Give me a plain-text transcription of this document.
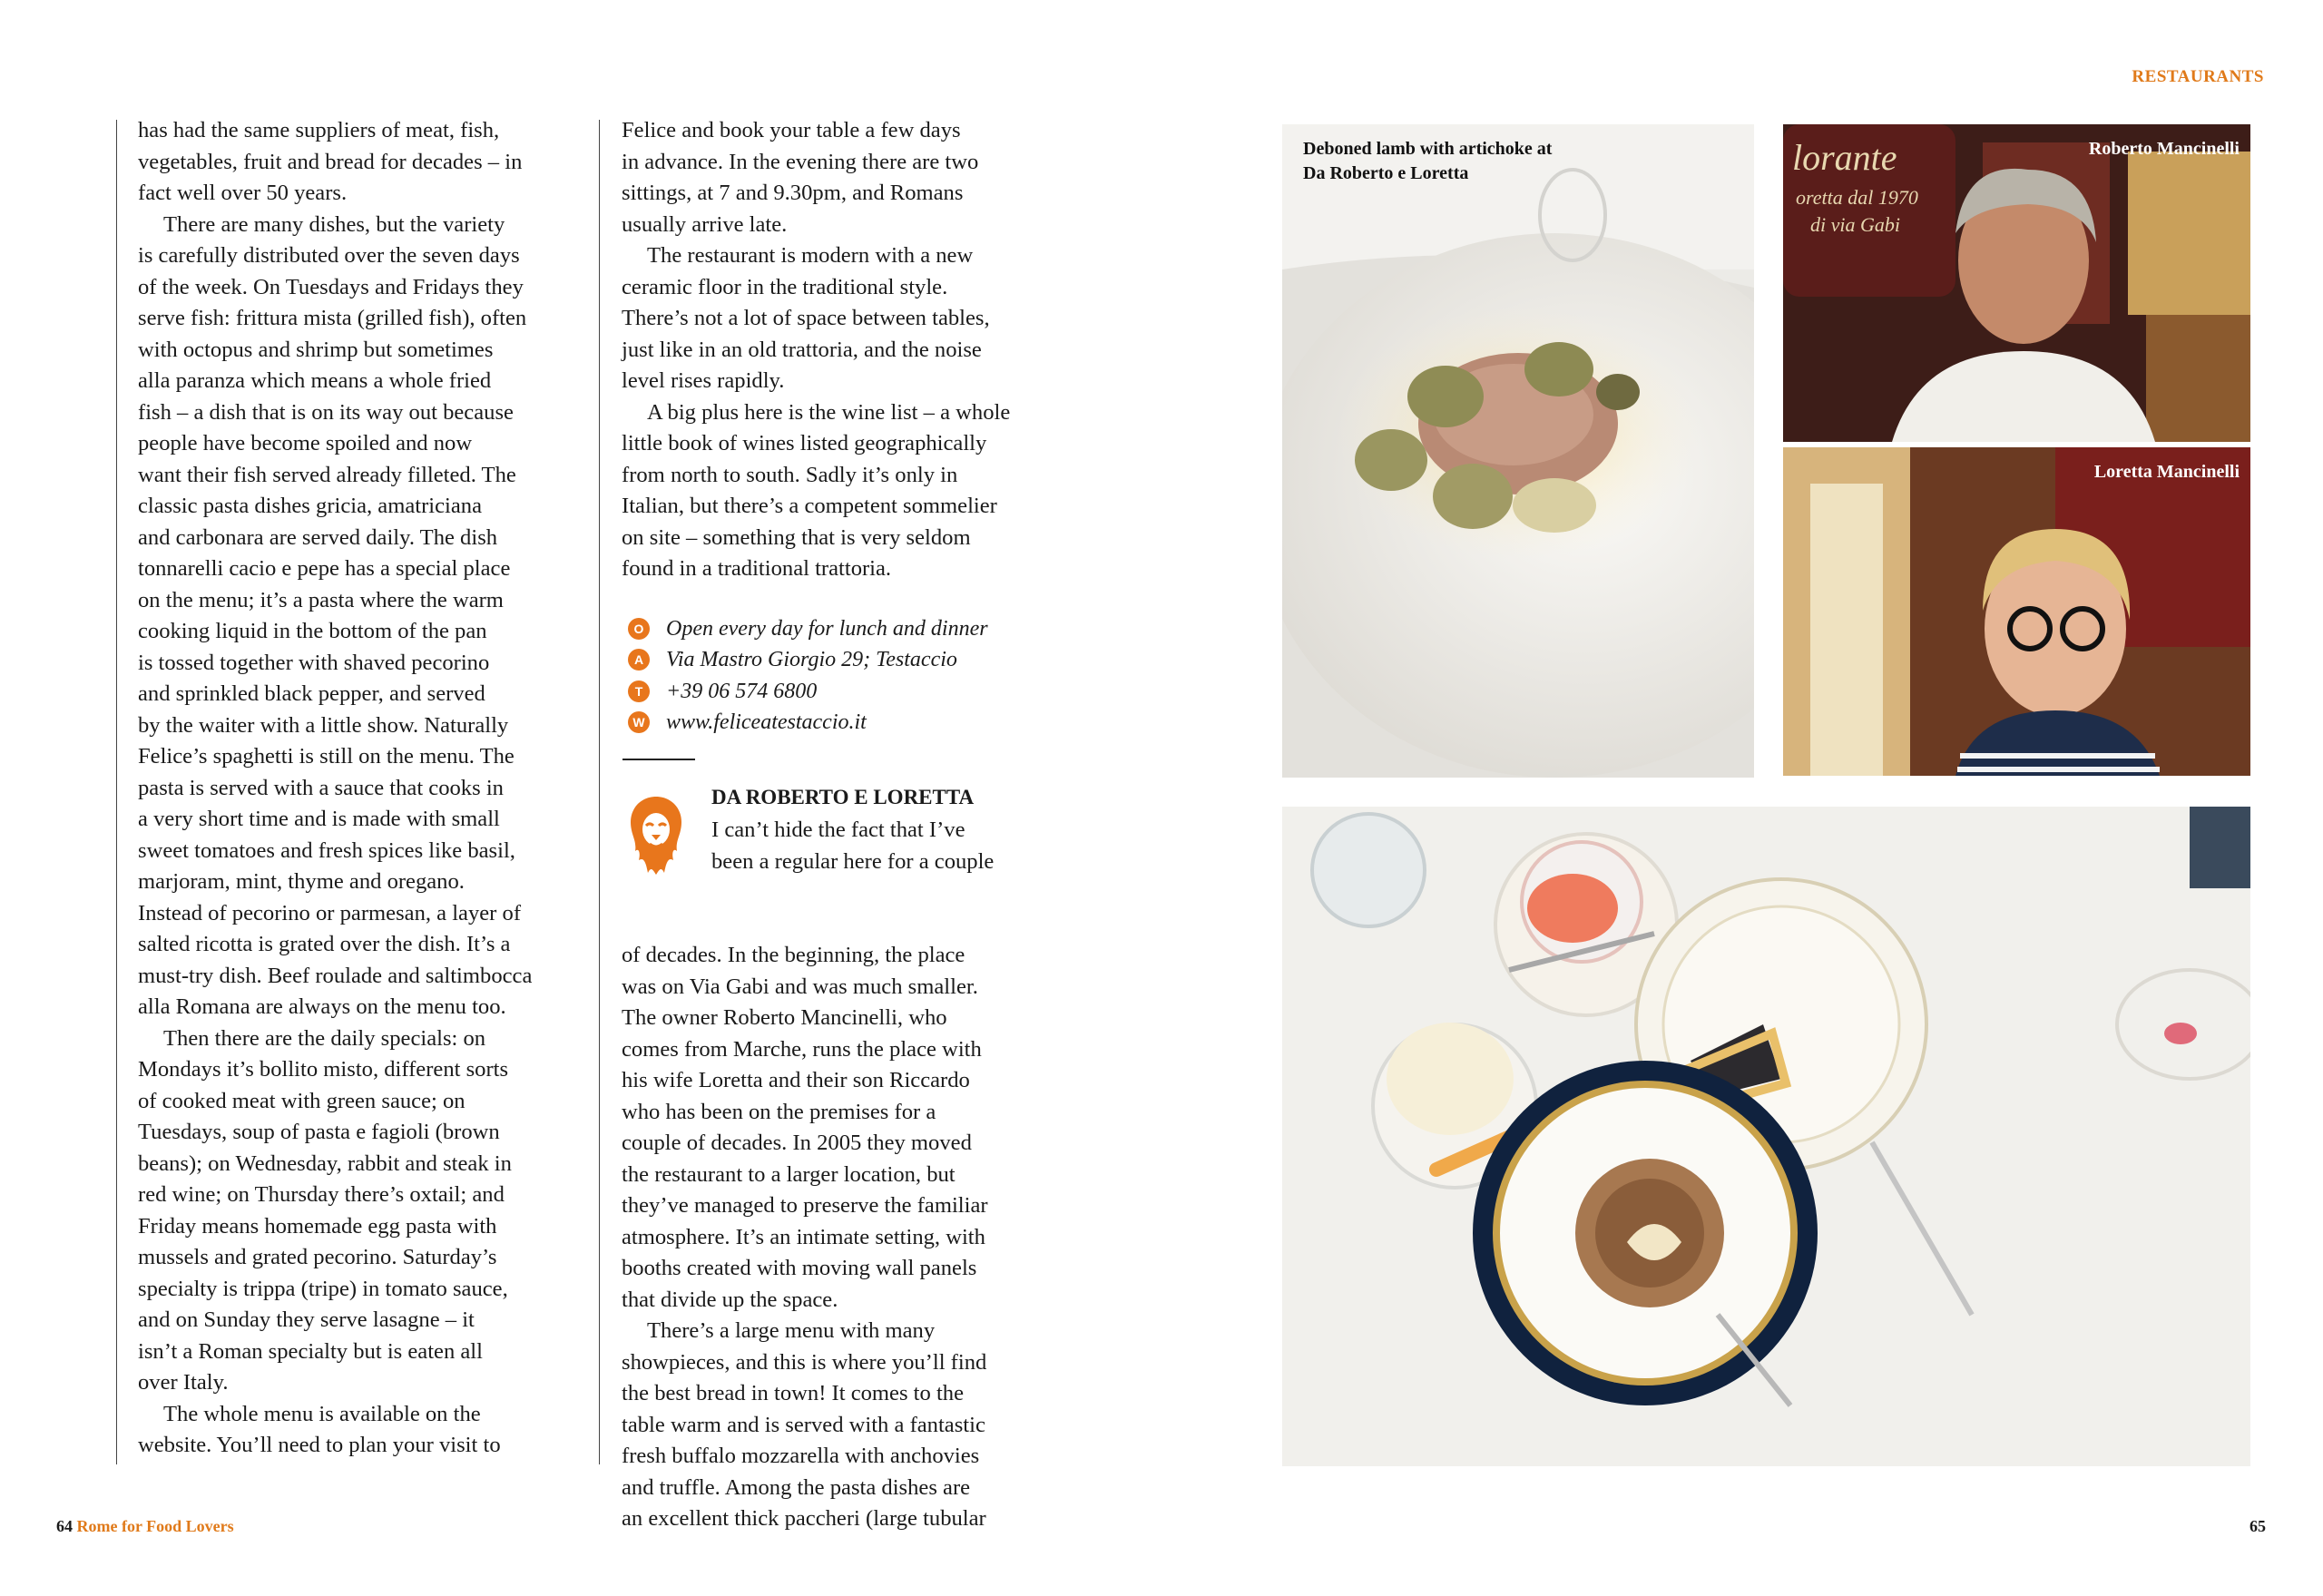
RESTAURANTS
has had the same suppliers of meat, fish,
vegetables, fruit and bread for decades – in
fact well over 50 years.
There are many dishes, but the variety
is carefully distributed over the seven days
of the week. On Tuesdays and Fridays they
serve fish: frittura mista (grilled fish), often
with octopus and shrimp but sometimes
alla paranza which means a whole fried
fish – a dish that is on its way out because
people have become spoiled and now
want their fish served already filleted. The
classic pasta dishes gricia, amatriciana
and carbonara are served daily. The dish
tonnarelli cacio e pepe has a special place
on the menu; it’s a pasta where the warm
cooking liquid in the bottom of the pan
is tossed together with shaved pecorino
and sprinkled black pepper, and served
by the waiter with a little show. Naturally
Felice’s spaghetti is still on the menu. The
pasta is served with a sauce that cooks in
a very short time and is made with small
sweet tomatoes and fresh spices like basil,
marjoram, mint, thyme and oregano.
Instead of pecorino or parmesan, a layer of
salted ricotta is grated over the dish. It’s a
must-try dish. Beef roulade and saltimbocca
alla Romana are always on the menu too.
Then there are the daily specials: on
Mondays it’s bollito misto, different sorts
of cooked meat with green sauce; on
Tuesdays, soup of pasta e fagioli (brown
beans); on Wednesday, rabbit and steak in
red wine; on Thursday there’s oxtail; and
Friday means homemade egg pasta with
mussels and grated pecorino. Saturday’s
specialty is trippa (tripe) in tomato sauce,
and on Sunday they serve lasagne – it
isn’t a Roman specialty but is eaten all
over Italy.
The whole menu is available on the
website. You’ll need to plan your visit to
Felice and book your table a few days
in advance. In the evening there are two
sittings, at 7 and 9.30pm, and Romans
usually arrive late.
The restaurant is modern with a new
ceramic floor in the traditional style.
There’s not a lot of space between tables,
just like in an old trattoria, and the noise
level rises rapidly.
A big plus here is the wine list – a whole
little book of wines listed geographically
from north to south. Sadly it’s only in
Italian, but there’s a competent sommelier
on site – something that is very seldom
found in a traditional trattoria.
O Open every day for lunch and dinner
A Via Mastro Giorgio 29; Testaccio
T	+39 06 574 6800
W www.feliceatestaccio.it
DA ROBERTO E LORETTA
I can’t hide the fact that I’ve
been a regular here for a couple
of decades. In the beginning, the place
was on Via Gabi and was much smaller.
The owner Roberto Mancinelli, who
comes from Marche, runs the place with
his wife Loretta and their son Riccardo
who has been on the premises for a
couple of decades. In 2005 they moved
the restaurant to a larger location, but
they’ve managed to preserve the familiar
atmosphere. It’s an intimate setting, with
booths created with moving wall panels
that divide up the space.
There’s a large menu with many
showpieces, and this is where you’ll find
the best bread in town! It comes to the
table warm and is served with a fantastic
fresh buffalo mozzarella with anchovies
and truffle. Among the pasta dishes are
an excellent thick paccheri (large tubular
Deboned lamb with artichoke at
Da Roberto e Loretta	lorante
oretta dal 1970
di via Gabi
Roberto Mancinelli
Loretta Mancinelli
64 Rome for Food Lovers	65
